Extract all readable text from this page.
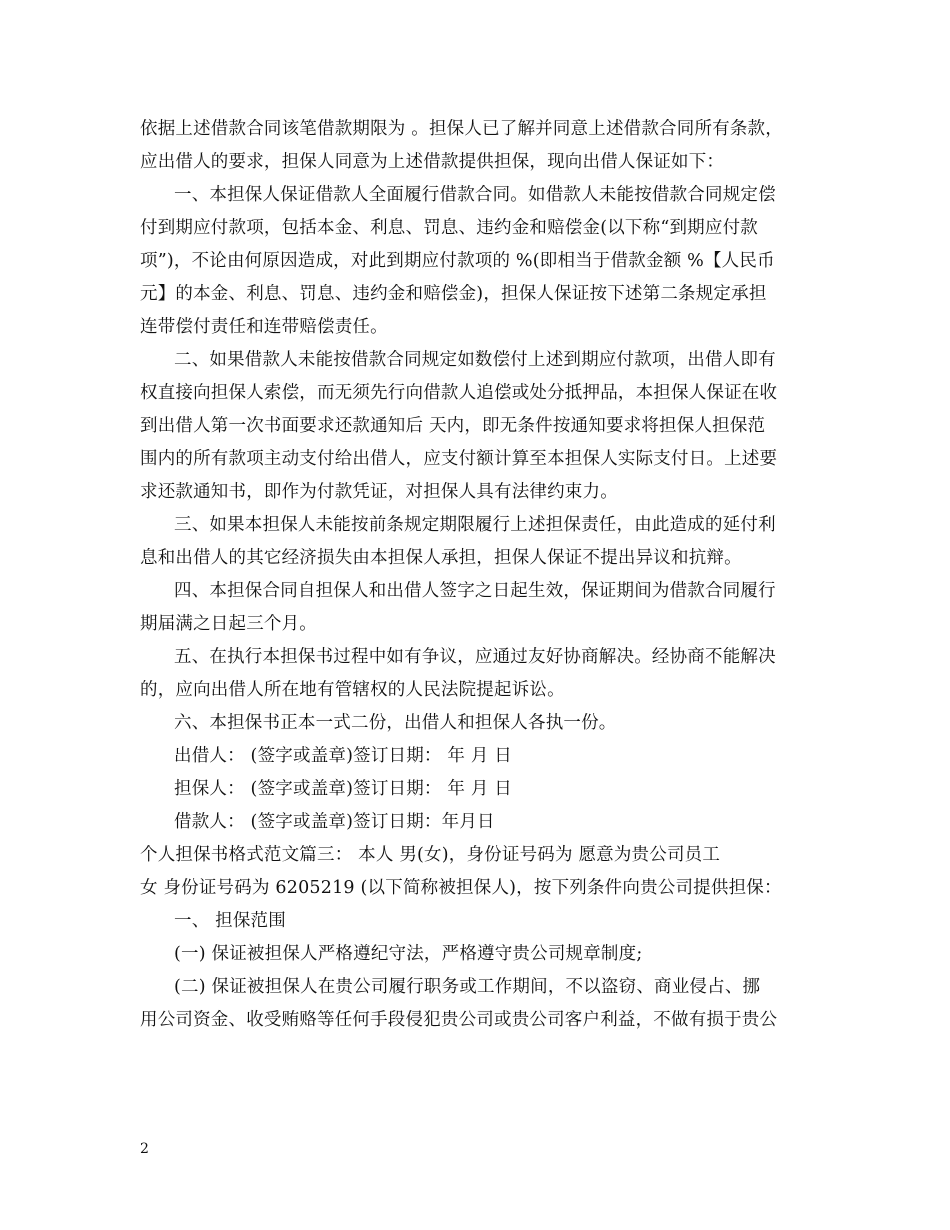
依据上述借款合同该笔借款期限为 。担保人已了解并同意上述借款合同所有条款，
应出借人的要求，担保人同意为上述借款提供担保，现向出借人保证如下：
一、本担保人保证借款人全面履行借款合同。如借款人未能按借款合同规定偿
付到期应付款项，包括本金、利息、罚息、违约金和赔偿金(以下称“到期应付款
项”)，不论由何原因造成，对此到期应付款项的 %(即相当于借款金额 %【人民币
元】的本金、利息、罚息、违约金和赔偿金)，担保人保证按下述第二条规定承担
连带偿付责任和连带赔偿责任。
二、如果借款人未能按借款合同规定如数偿付上述到期应付款项，出借人即有
权直接向担保人索偿，而无须先行向借款人追偿或处分抵押品，本担保人保证在收
到出借人第一次书面要求还款通知后 天内，即无条件按通知要求将担保人担保范
围内的所有款项主动支付给出借人，应支付额计算至本担保人实际支付日。上述要
求还款通知书，即作为付款凭证，对担保人具有法律约束力。
三、如果本担保人未能按前条规定期限履行上述担保责任，由此造成的延付利
息和出借人的其它经济损失由本担保人承担，担保人保证不提出异议和抗辩。
四、本担保合同自担保人和出借人签字之日起生效，保证期间为借款合同履行
期届满之日起三个月。
五、在执行本担保书过程中如有争议，应通过友好协商解决。经协商不能解决
的，应向出借人所在地有管辖权的人民法院提起诉讼。
六、本担保书正本一式二份，出借人和担保人各执一份。
出借人： (签字或盖章)签订日期： 年 月 日
担保人： (签字或盖章)签订日期： 年 月 日
借款人： (签字或盖章)签订日期：年月日
个人担保书格式范文篇三： 本人 男(女)，身份证号码为 愿意为贵公司员工
女 身份证号码为 6205219 (以下简称被担保人)，按下列条件向贵公司提供担保：
一、 担保范围
(一) 保证被担保人严格遵纪守法，严格遵守贵公司规章制度;
(二) 保证被担保人在贵公司履行职务或工作期间，不以盗窃、商业侵占、挪
用公司资金、收受贿赂等任何手段侵犯贵公司或贵公司客户利益，不做有损于贵公
2
